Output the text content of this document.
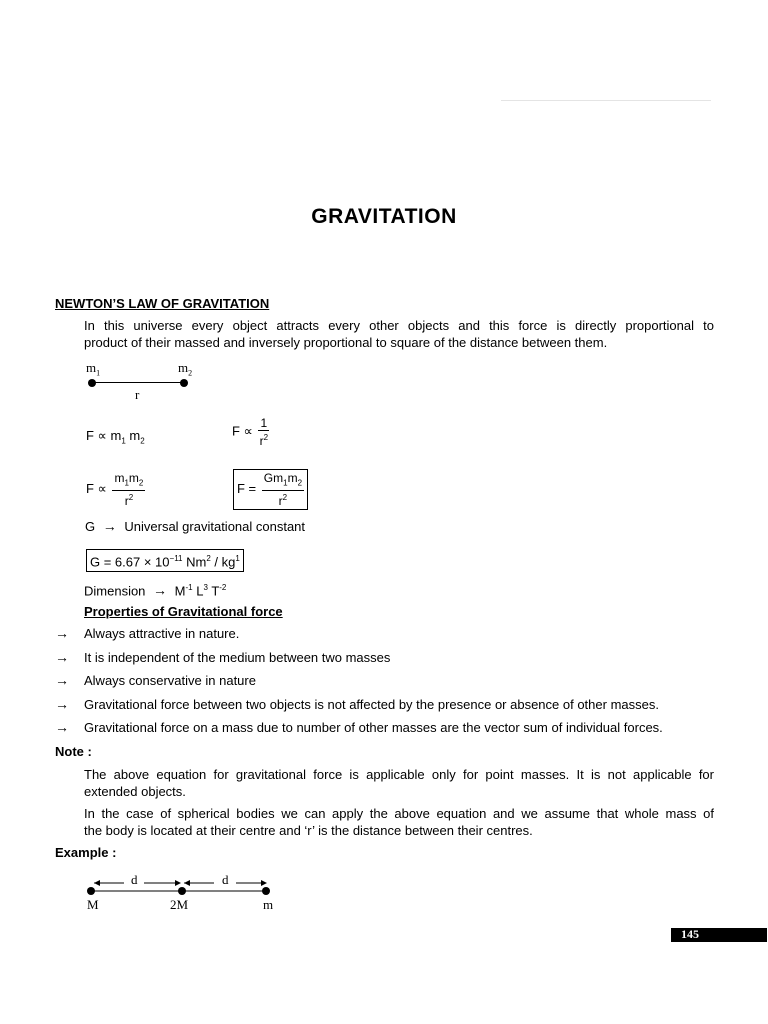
GRAVITATION
NEWTON’S LAW OF GRAVITATION
In this universe every object attracts every other objects and this force is directly proportional to
product of their massed and inversely proportional to square of the distance between them.
$m_1$	$m_2$
r
$F \propto m_1$ $m_2$
$F \propto \frac{1}{r^2}$
$F \propto \frac{m_1m_2}{r^2}$	$F = \frac{Gm_1m_2}{r^2}$
G → Universal gravitational constant
$G = 6.67 \times 10^{-11}$ $Nm^2 / kg^1$
Dimension → $M^{-1}$ $L^3$ $T^{-2}$
Properties of Gravitational force
→ Always attractive in nature.
→ It is independent of the medium between two masses
→ Always conservative in nature
→ Gravitational force between two objects is not affected by the presence or absence of other masses.
→ Gravitational force on a mass due to number of other masses are the vector sum of individual forces.
Note :
The above equation for gravitational force is applicable only for point masses. It is not applicable for
extended objects.
In the case of spherical bodies we can apply the above equation and we assume that whole mass of
the body is located at their centre and ‘r’ is the distance between their centres.
Example :
d	d
M	2M	m
145
